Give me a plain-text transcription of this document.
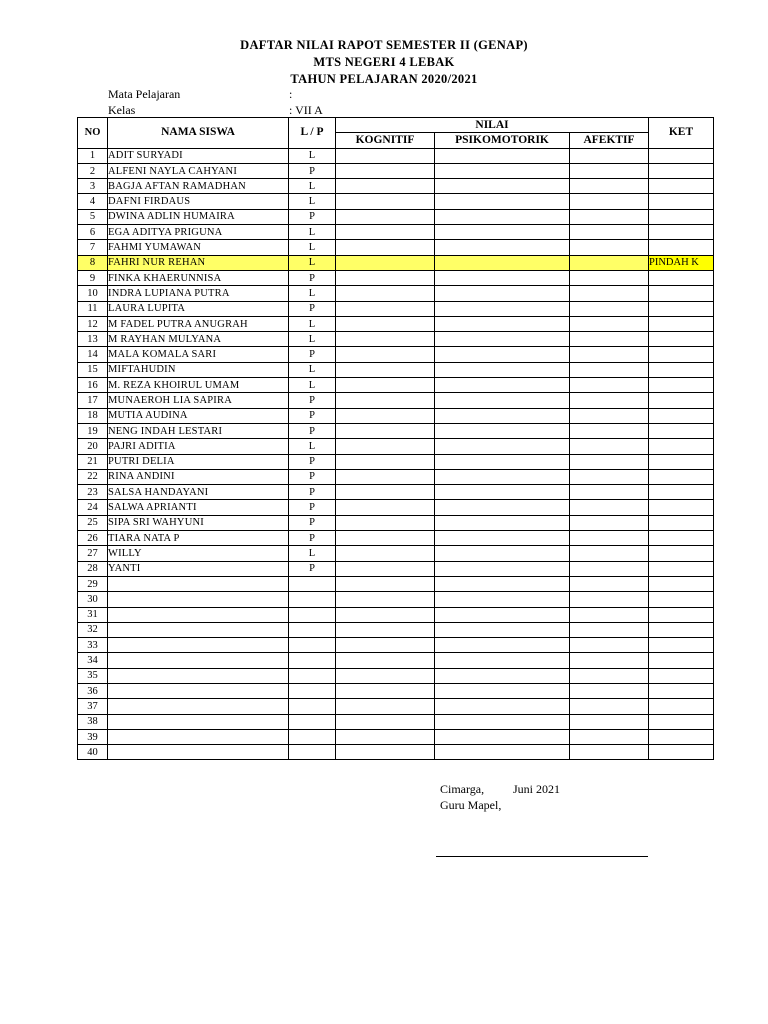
DAFTAR NILAI RAPOT SEMESTER II (GENAP)
MTS NEGERI 4 LEBAK
TAHUN PELAJARAN 2020/2021
Mata Pelajaran	:
Kelas	: VII A
NO	NAMA SISWA	L / P	NILAI			KET
			KOGNITIF	PSIKOMOTORIK	AFEKTIF	
1	ADIT SURYADI	L				
2	ALFENI NAYLA CAHYANI	P				
3	BAGJA AFTAN RAMADHAN	L				
4	DAFNI FIRDAUS	L				
5	DWINA ADLIN HUMAIRA	P				
6	EGA ADITYA PRIGUNA	L				
7	FAHMI YUMAWAN	L				
8	FAHRI NUR REHAN	L				PINDAH K
9	FINKA KHAERUNNISA	P				
10	INDRA LUPIANA PUTRA	L				
11	LAURA LUPITA	P				
12	M FADEL PUTRA ANUGRAH	L				
13	M RAYHAN MULYANA	L				
14	MALA KOMALA SARI	P				
15	MIFTAHUDIN	L				
16	M. REZA KHOIRUL UMAM	L				
17	MUNAEROH LIA SAPIRA	P				
18	MUTIA AUDINA	P				
19	NENG INDAH LESTARI	P				
20	PAJRI ADITIA	L				
21	PUTRI DELIA	P				
22	RINA ANDINI	P				
23	SALSA HANDAYANI	P				
24	SALWA APRIANTI	P				
25	SIPA SRI WAHYUNI	P				
26	TIARA NATA P	P				
27	WILLY	L				
28	YANTI	P				
29						
30						
31						
32						
33						
34						
35						
36						
37						
38						
39						
40						
Cimarga, Juni 2021
Guru Mapel,
